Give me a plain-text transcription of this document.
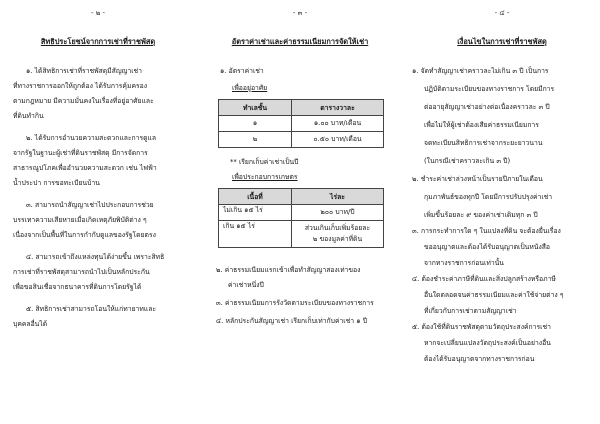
- ๒ -
สิทธิประโยชน์จากการเช่าที่ราชพัสดุ
๑. ได้สิทธิการเช่าที่ราชพัสดุมีสัญญาเช่า
ที่ทางราชการออกให้ถูกต้อง ได้รับการคุ้มครอง
ตามกฎหมาย มีความมั่นคงในเรื่องที่อยู่อาศัยและ
ที่ดินทำกิน
๒. ได้รับการอำนวยความสะดวกและการดูแล
จากรัฐในฐานะผู้เช่าที่ดินราชพัสดุ มีการจัดการ
สาธารณูปโภคเพื่ออำนวยความสะดวก เช่น ไฟฟ้า
น้ำประปา การขอทะเบียนบ้าน
๓. สามารถนำสัญญาเช่าไปประกอบการช่วย
บรรเทาความเสียหายเมื่อเกิดเหตุภัยพิบัติต่าง ๆ
เนื่องจากเป็นพื้นที่ในการกำกับดูแลของรัฐโดยตรง
๔. สามารถเข้าถึงแหล่งทุนได้ง่ายขึ้น เพราะสิทธิ
การเช่าที่ราชพัสดุสามารถนำไปเป็นหลักประกัน
เพื่อขอสินเชื่อจากธนาคารที่ดินการโดยรัฐได้
๕. สิทธิการเช่าสามารถโอนให้แก่ทายาทและ
บุคคลอื่นได้
- ๓ -
อัตราค่าเช่าและค่าธรรมเนียมการจัดให้เช่า
๑. อัตราค่าเช่า
เพื่ออยู่อาศัย
ทำเลชั้น	ตารางวาละ
๑	๑.๐๐ บาท/เดือน
๒	๐.๕๐ บาท/เดือน
** เรียกเก็บค่าเช่าเป็นปี
เพื่อประกอบการเกษตร
เนื้อที่	ไร่ละ
ไม่เกิน ๑๕ ไร่	๒๐๐ บาท/ปี
เกิน ๑๕ ไร่	ส่วนเกินเก็บเพิ่มร้อยละ
๒ ของมูลค่าที่ดิน
๒. ค่าธรรมเนียมแรกเข้าเพื่อทำสัญญาสองเท่าของ
ค่าเช่าหนึ่งปี
๓. ค่าธรรมเนียมการรังวัดตามระเบียบของทางราชการ
๔. หลักประกันสัญญาเช่า เรียกเก็บเท่ากับค่าเช่า ๑ ปี
- ๔ -
เงื่อนไขในการเช่าที่ราชพัสดุ
๑. จัดทำสัญญาเช่าคราวละไม่เกิน ๓ ปี เป็นการ
ปฏิบัติตามระเบียบของทางราชการ โดยมีการ
ต่ออายุสัญญาเช่าอย่างต่อเนื่องคราวละ ๓ ปี
เพื่อไม่ให้ผู้เช่าต้องเสียค่าธรรมเนียมการ
จดทะเบียนสิทธิการเช่าจากระยะยาวนาน
(ในกรณีเช่าคราวละเกิน ๓ ปี)
๒. ชำระค่าเช่าล่วงหน้าเป็นรายปีภายในเดือน
กุมภาพันธ์ของทุกปี โดยมีการปรับปรุงค่าเช่า
เพิ่มขึ้นร้อยละ ๙ ของค่าเช่าเดิมทุก ๓ ปี
๓. การกระทำการใด ๆ ในแปลงที่ดิน จะต้องยื่นเรื่อง
ขออนุญาตและต้องได้รับอนุญาตเป็นหนังสือ
จากทางราชการก่อนเท่านั้น
๔. ต้องชำระค่าภาษีที่ดินและสิ่งปลูกสร้างหรือภาษี
อื่นใดตลอดจนค่าธรรมเนียมและค่าใช้จ่ายต่าง ๆ
ที่เกี่ยวกับการเช่าตามสัญญาเช่า
๕. ต้องใช้ที่ดินราชพัสดุตามวัตถุประสงค์การเช่า
หากจะเปลี่ยนแปลงวัตถุประสงค์เป็นอย่างอื่น
ต้องได้รับอนุญาตจากทางราชการก่อน
